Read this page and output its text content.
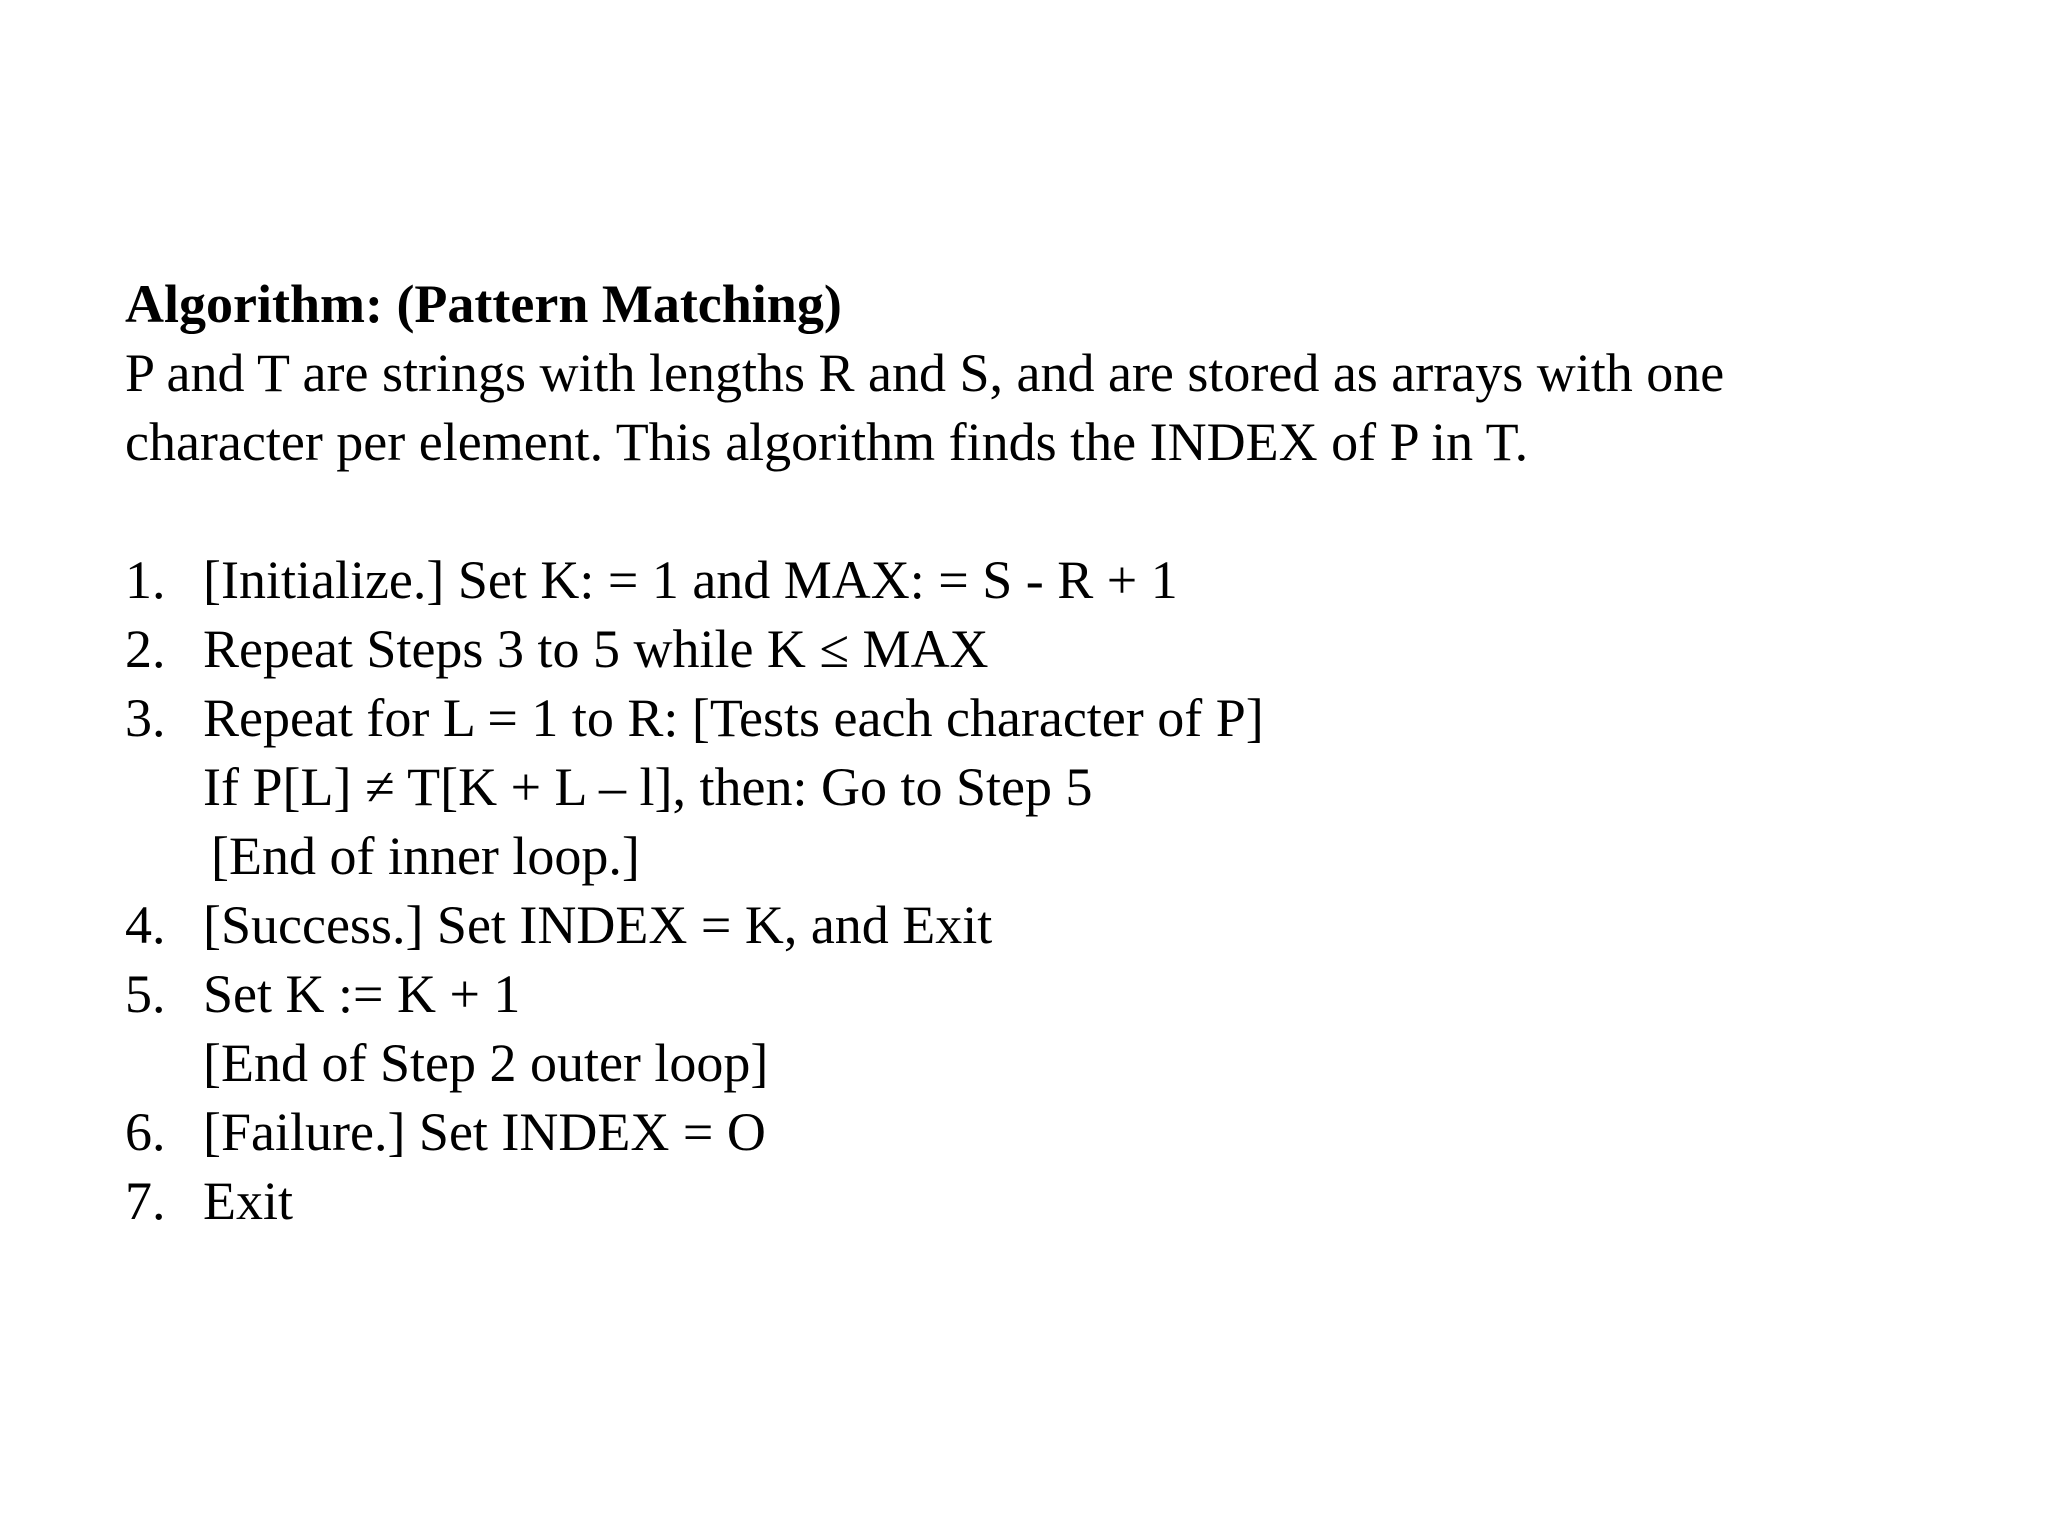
Algorithm: (Pattern Matching)

P and T are strings with lengths R and S, and are stored as arrays with one

character per element. This algorithm finds the INDEX of P in T.

1. [Initialize.] Set K: = 1 and MAX: = S - R + 1
2. Repeat Steps 3 to 5 while K ≤ MAX
3. Repeat for L = 1 to R: [Tests each character of P]
If P[L] ≠ T[K + L – l], then: Go to Step 5
[End of inner loop.]
4. [Success.] Set INDEX = K, and Exit
5. Set K := K + 1
[End of Step 2 outer loop]
6. [Failure.] Set INDEX = O
7. Exit
